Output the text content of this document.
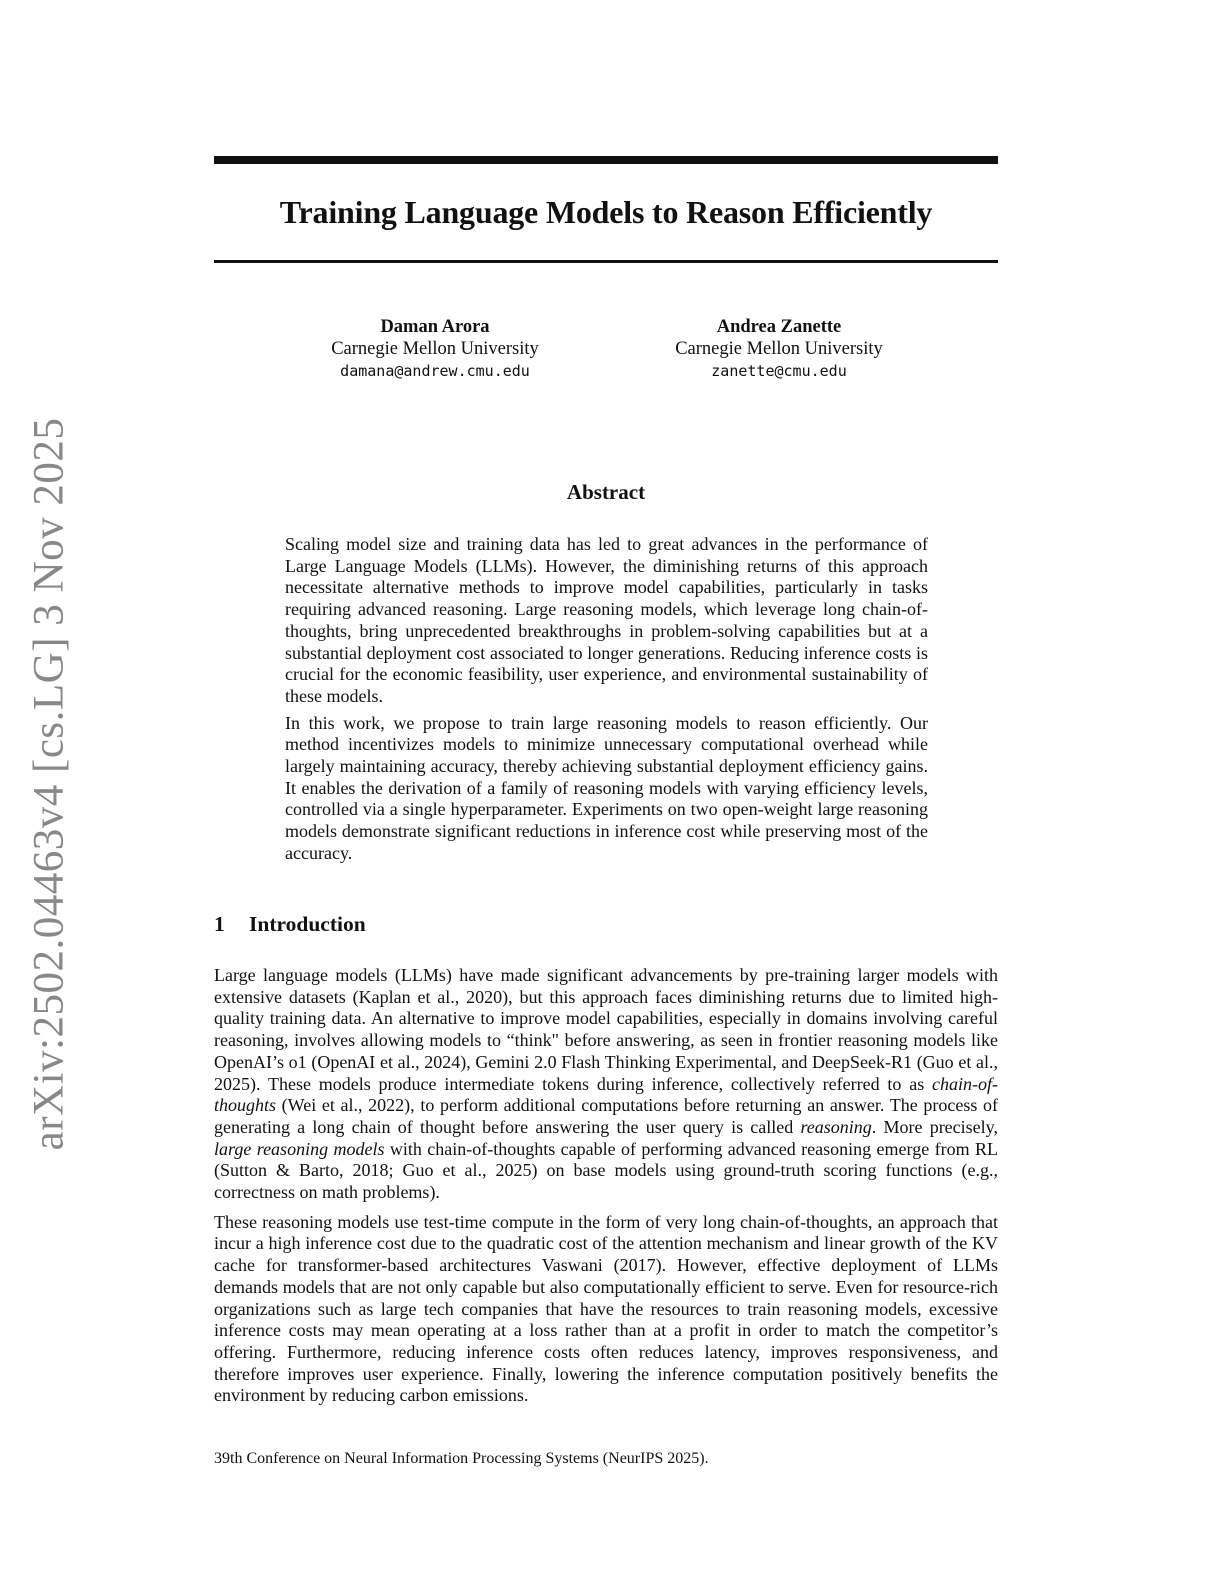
arXiv:2502.04463v4 [cs.LG] 3 Nov 2025
Training Language Models to Reason Efficiently
Daman Arora
Carnegie Mellon University
damana@andrew.cmu.edu
Andrea Zanette
Carnegie Mellon University
zanette@cmu.edu
Abstract

Scaling model size and training data has led to great advances in the performance of Large Language Models (LLMs). However, the diminishing returns of this approach necessitate alternative methods to improve model capabilities, particularly in tasks requiring advanced reasoning. Large reasoning models, which leverage long chain-of-thoughts, bring unprecedented breakthroughs in problem-solving capabilities but at a substantial deployment cost associated to longer generations. Reducing inference costs is crucial for the economic feasibility, user experience, and environmental sustainability of these models.

In this work, we propose to train large reasoning models to reason efficiently. Our method incentivizes models to minimize unnecessary computational overhead while largely maintaining accuracy, thereby achieving substantial deployment efficiency gains. It enables the derivation of a family of reasoning models with varying efficiency levels, controlled via a single hyperparameter. Experiments on two open-weight large reasoning models demonstrate significant reductions in inference cost while preserving most of the accuracy.

1 Introduction

Large language models (LLMs) have made significant advancements by pre-training larger models with extensive datasets (Kaplan et al., 2020), but this approach faces diminishing returns due to limited high-quality training data. An alternative to improve model capabilities, especially in domains involving careful reasoning, involves allowing models to “think" before answering, as seen in frontier reasoning models like OpenAI’s o1 (OpenAI et al., 2024), Gemini 2.0 Flash Thinking Experimental, and DeepSeek-R1 (Guo et al., 2025). These models produce intermediate tokens during inference, collectively referred to as chain-of-thoughts (Wei et al., 2022), to perform additional computations before returning an answer. The process of generating a long chain of thought before answering the user query is called reasoning. More precisely, large reasoning models with chain-of-thoughts capable of performing advanced reasoning emerge from RL (Sutton & Barto, 2018; Guo et al., 2025) on base models using ground-truth scoring functions (e.g., correctness on math problems).

These reasoning models use test-time compute in the form of very long chain-of-thoughts, an approach that incur a high inference cost due to the quadratic cost of the attention mechanism and linear growth of the KV cache for transformer-based architectures Vaswani (2017). However, effective deployment of LLMs demands models that are not only capable but also computationally efficient to serve. Even for resource-rich organizations such as large tech companies that have the resources to train reasoning models, excessive inference costs may mean operating at a loss rather than at a profit in order to match the competitor’s offering. Furthermore, reducing inference costs often reduces latency, improves responsiveness, and therefore improves user experience. Finally, lowering the inference computation positively benefits the environment by reducing carbon emissions.

39th Conference on Neural Information Processing Systems (NeurIPS 2025).
